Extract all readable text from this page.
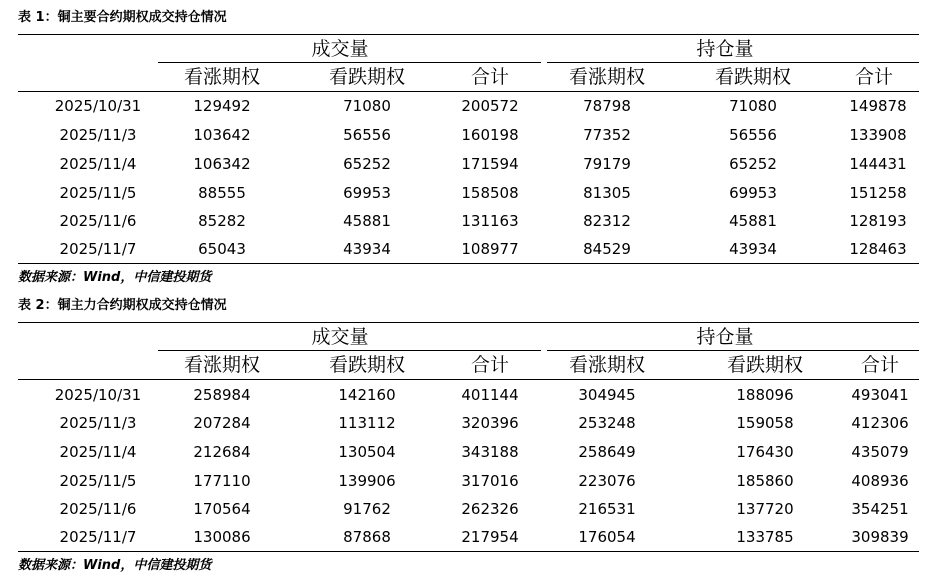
表 1：铜主要合约期权成交持仓情况
成交量	持仓量
看涨期权	看跌期权	合计	看涨期权	看跌期权	合计
2025/10/31	129492	71080	200572	78798	71080	149878
2025/11/3	103642	56556	160198	77352	56556	133908
2025/11/4	106342	65252	171594	79179	65252	144431
2025/11/5	88555	69953	158508	81305	69953	151258
2025/11/6	85282	45881	131163	82312	45881	128193
2025/11/7	65043	43934	108977	84529	43934	128463
数据来源：Wind，中信建投期货
表 2：铜主力合约期权成交持仓情况
成交量	持仓量
看涨期权	看跌期权	合计	看涨期权	看跌期权	合计
2025/10/31	258984	142160	401144	304945	188096	493041
2025/11/3	207284	113112	320396	253248	159058	412306
2025/11/4	212684	130504	343188	258649	176430	435079
2025/11/5	177110	139906	317016	223076	185860	408936
2025/11/6	170564	91762	262326	216531	137720	354251
2025/11/7	130086	87868	217954	176054	133785	309839
数据来源：Wind，中信建投期货
